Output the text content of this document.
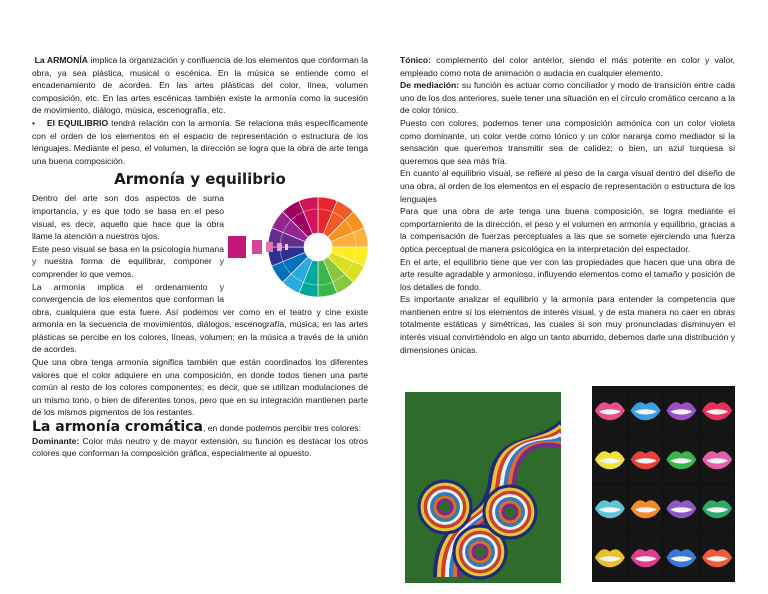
La ARMONÍA implica la organización y confluencia de los elementos que conforman la obra, ya sea plástica, musical o escénica. En la música se entiende como el encadenamiento de acordes. En las artes plásticas del color, línea, volumen composición, etc. En las artes escénicas también existe la armonía como la sucesión de movimiento, diálogo, música, escenografía, etc.

• El EQUILIBRIO tendrá relación con la armonía. Se relaciona más específicamente con el orden de los elementos en el espacio de representación o estructura de los lenguajes. Mediante el peso, el volumen, la dirección se logra que la obra de arte tenga una buena composición.

Armonía y equilibrio

Dentro del arte son dos aspectos de suma importancia, y es que todo se basa en el peso visual, es decir, aquello que hace que la obra llame la atención a nuestros ojos.

Este peso visual se basa en la psicología humana y nuestra forma de equilibrar, componer y comprender lo que vemos.

La armonía implica el ordenamiento y convergencia de los elementos que conforman la obra, cualquiera que esta fuere. Así podemos ver como en el teatro y cine existe armonía en la secuencia de movimientos, diálogos, escenografía, música; en las artes plásticas se percibe en los colores, líneas, volumen; en la música a través de la unión de acordes.

Que una obra tenga armonía significa también que están coordinados los diferentes valores que el color adquiere en una composición, en donde todos tienen una parte común al resto de los colores componentes; es decir, que se utilizan modulaciones de un mismo tono, o bien de diferentes tonos, pero que en su integración mantienen parte de los mismos pigmentos de los restantes.

La armonía cromática, en donde podemos percibir tres colores:

Dominante: Color más neutro y de mayor extensión, su función es destacar los otros colores que conforman la composición gráfica, especialmente al opuesto.

Tónico: complemento del color anterior, siendo el más potente en color y valor, empleado como nota de animación o audacia en cualquier elemento.

De mediación: su función es actuar como conciliador y modo de transición entre cada uno de los dos anteriores, suele tener una situación en el círculo cromático cercano a la de color tónico.

Puesto con colores, podemos tener una composición armónica con un color violeta como dominante, un color verde como tónico y un color naranja como mediador si la sensación que queremos transmitir sea de calidez; o bien, un azul turquesa si queremos que sea más fría.

En cuanto al equilibrio visual, se refiere al peso de la carga visual dentro del diseño de una obra, al orden de los elementos en el espacio de representación o estructura de los lenguajes

Para que una obra de arte tenga una buena composición, se logra mediante el comportamiento de la dirección, el peso y el volumen en armonía y equilibrio, gracias a la compensación de fuerzas perceptuales a las que se somete ejerciendo una fuerza óptica perceptual de manera psicológica en la interpretación del espectador.

En el arte, el equilibrio tiene que ver con las propiedades que hacen que una obra de arte resulte agradable y armonioso, influyendo elementos como el tamaño y posición de los detalles de fondo.

Es importante analizar el equilibrio y la armonía para entender la competencia que mantienen entre sí los elementos de interés visual, y de esta manera no caer en obras totalmente estáticas y simétricas, las cuales si son muy pronunciadas disminuyen el interés visual convirtiéndolo en algo un tanto aburrido, debemos darle una distribución y dimensiones únicas.
